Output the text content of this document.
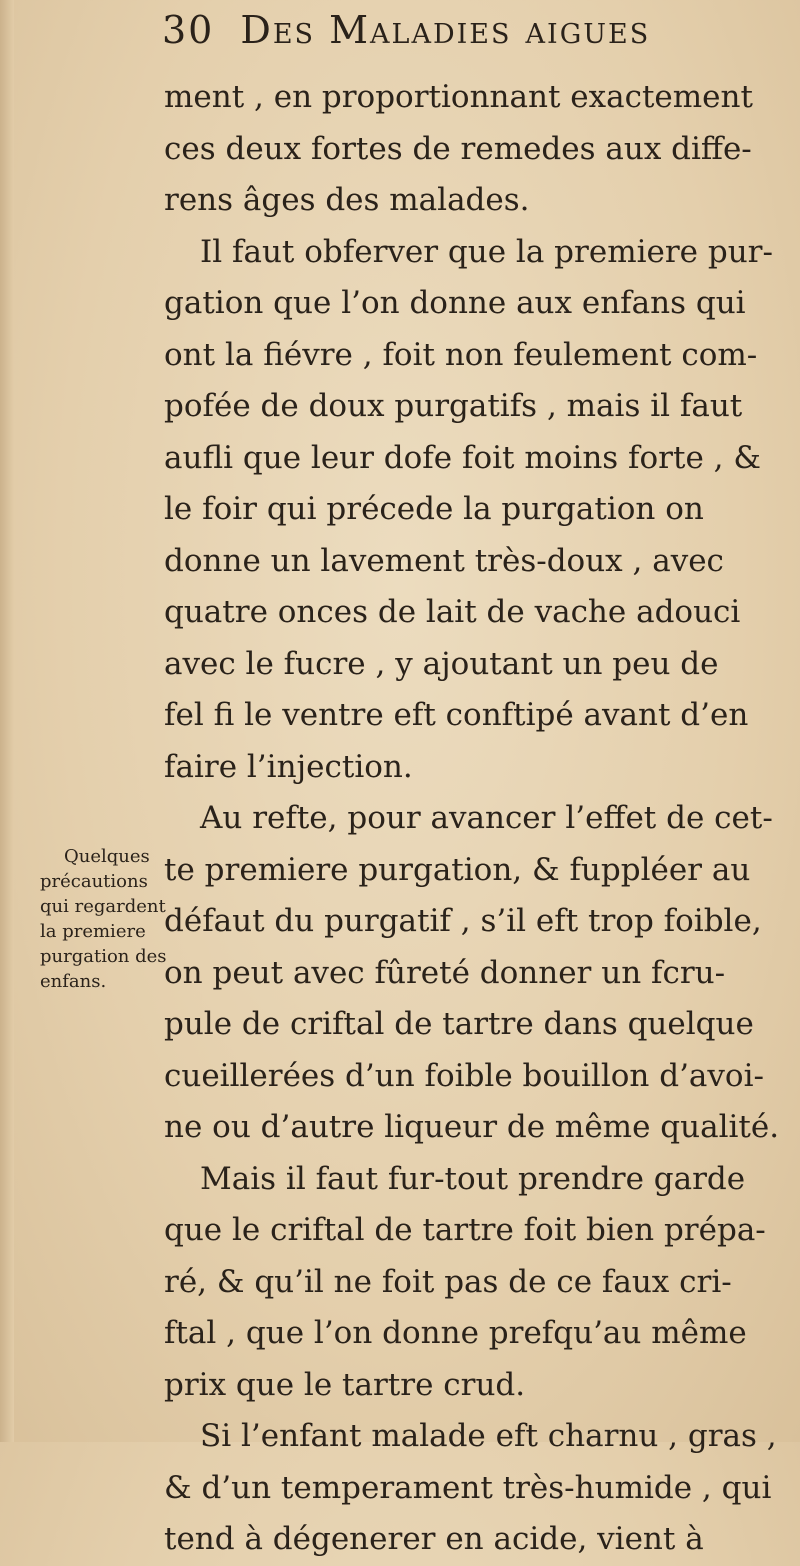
30 Des Maladies aigues
Quelques
précautions
qui regardent
la premiere
purgation des
enfans.
ment , en proportionnant exactement
ces deux fortes de remedes aux diffe-
rens âges des malades.
Il faut obferver que la premiere pur-
gation que l’on donne aux enfans qui
ont la fiévre , foit non feulement com-
pofée de doux purgatifs , mais il faut
aufli que leur dofe foit moins forte , &
le foir qui précede la purgation on
donne un lavement très-doux , avec
quatre onces de lait de vache adouci
avec le fucre , y ajoutant un peu de
fel fi le ventre eft conftipé avant d’en
faire l’injection.
Au refte, pour avancer l’effet de cet-
te premiere purgation, & fuppléer au
défaut du purgatif , s’il eft trop foible,
on peut avec fûreté donner un fcru-
pule de criftal de tartre dans quelque
cueillerées d’un foible bouillon d’avoi-
ne ou d’autre liqueur de même qualité.
Mais il faut fur-tout prendre garde
que le criftal de tartre foit bien prépa-
ré, & qu’il ne foit pas de ce faux cri-
ftal , que l’on donne prefqu’au même
prix que le tartre crud.
Si l’enfant malade eft charnu , gras ,
& d’un temperament très-humide , qui
tend à dégenerer en acide, vient à
